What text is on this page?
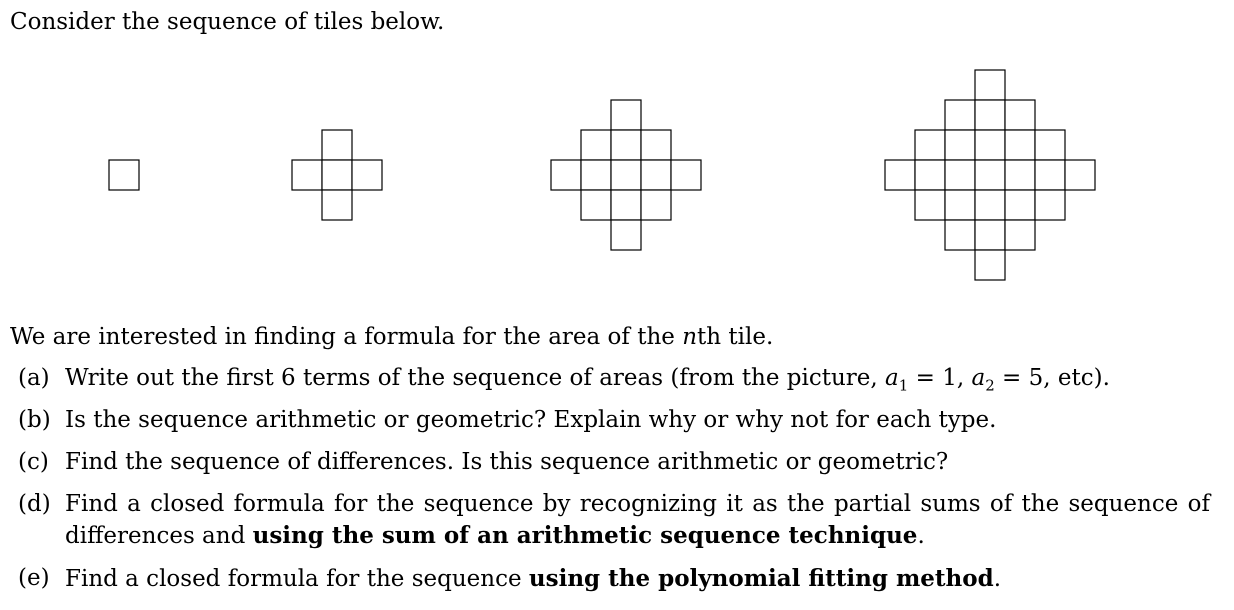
Consider the sequence of tiles below.
We are interested in finding a formula for the area of the nth tile.
(a) Write out the first 6 terms of the sequence of areas (from the picture, $a_1 = 1$, $a_2 = 5$, etc).
(b) Is the sequence arithmetic or geometric? Explain why or why not for each type.
(c) Find the sequence of differences. Is this sequence arithmetic or geometric?
(d) Find a closed formula for the sequence by recognizing it as the partial sums of the sequence of differences and using the sum of an arithmetic sequence technique.
(e) Find a closed formula for the sequence using the polynomial fitting method.
